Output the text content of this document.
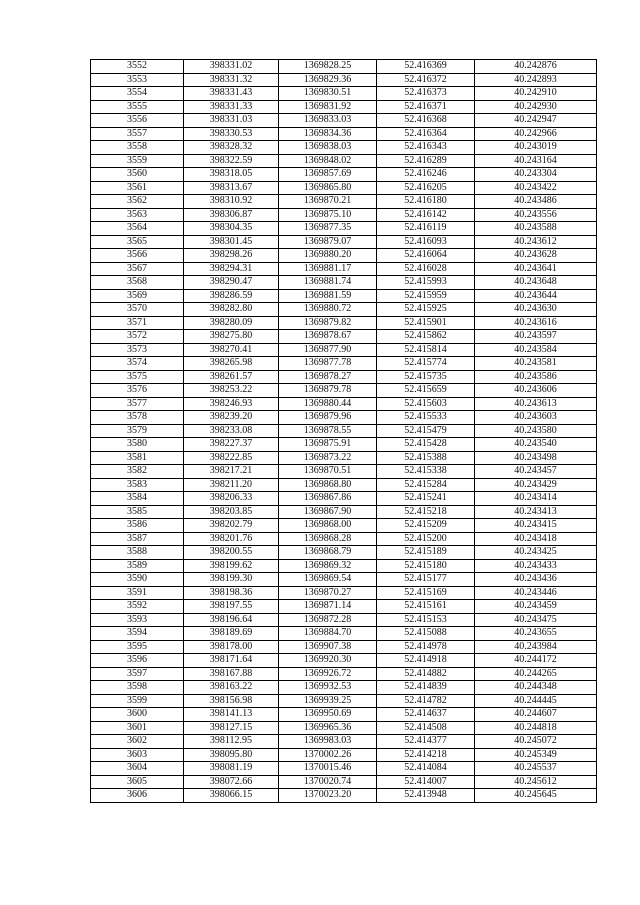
3552	398331.02	1369828.25	52.416369	40.242876
3553	398331.32	1369829.36	52.416372	40.242893
3554	398331.43	1369830.51	52.416373	40.242910
3555	398331.33	1369831.92	52.416371	40.242930
3556	398331.03	1369833.03	52.416368	40.242947
3557	398330.53	1369834.36	52.416364	40.242966
3558	398328.32	1369838.03	52.416343	40.243019
3559	398322.59	1369848.02	52.416289	40.243164
3560	398318.05	1369857.69	52.416246	40.243304
3561	398313.67	1369865.80	52.416205	40.243422
3562	398310.92	1369870.21	52.416180	40.243486
3563	398306.87	1369875.10	52.416142	40.243556
3564	398304.35	1369877.35	52.416119	40.243588
3565	398301.45	1369879.07	52.416093	40.243612
3566	398298.26	1369880.20	52.416064	40.243628
3567	398294.31	1369881.17	52.416028	40.243641
3568	398290.47	1369881.74	52.415993	40.243648
3569	398286.59	1369881.59	52.415959	40.243644
3570	398282.80	1369880.72	52.415925	40.243630
3571	398280.09	1369879.82	52.415901	40.243616
3572	398275.80	1369878.67	52.415862	40.243597
3573	398270.41	1369877.90	52.415814	40.243584
3574	398265.98	1369877.78	52.415774	40.243581
3575	398261.57	1369878.27	52.415735	40.243586
3576	398253.22	1369879.78	52.415659	40.243606
3577	398246.93	1369880.44	52.415603	40.243613
3578	398239.20	1369879.96	52.415533	40.243603
3579	398233.08	1369878.55	52.415479	40.243580
3580	398227.37	1369875.91	52.415428	40.243540
3581	398222.85	1369873.22	52.415388	40.243498
3582	398217.21	1369870.51	52.415338	40.243457
3583	398211.20	1369868.80	52.415284	40.243429
3584	398206.33	1369867.86	52.415241	40.243414
3585	398203.85	1369867.90	52.415218	40.243413
3586	398202.79	1369868.00	52.415209	40.243415
3587	398201.76	1369868.28	52.415200	40.243418
3588	398200.55	1369868.79	52.415189	40.243425
3589	398199.62	1369869.32	52.415180	40.243433
3590	398199.30	1369869.54	52.415177	40.243436
3591	398198.36	1369870.27	52.415169	40.243446
3592	398197.55	1369871.14	52.415161	40.243459
3593	398196.64	1369872.28	52.415153	40.243475
3594	398189.69	1369884.70	52.415088	40.243655
3595	398178.00	1369907.38	52.414978	40.243984
3596	398171.64	1369920.30	52.414918	40.244172
3597	398167.88	1369926.72	52.414882	40.244265
3598	398163.22	1369932.53	52.414839	40.244348
3599	398156.98	1369939.25	52.414782	40.244445
3600	398141.13	1369950.69	52.414637	40.244607
3601	398127.15	1369965.36	52.414508	40.244818
3602	398112.95	1369983.03	52.414377	40.245072
3603	398095.80	1370002.26	52.414218	40.245349
3604	398081.19	1370015.46	52.414084	40.245537
3605	398072.66	1370020.74	52.414007	40.245612
3606	398066.15	1370023.20	52.413948	40.245645
